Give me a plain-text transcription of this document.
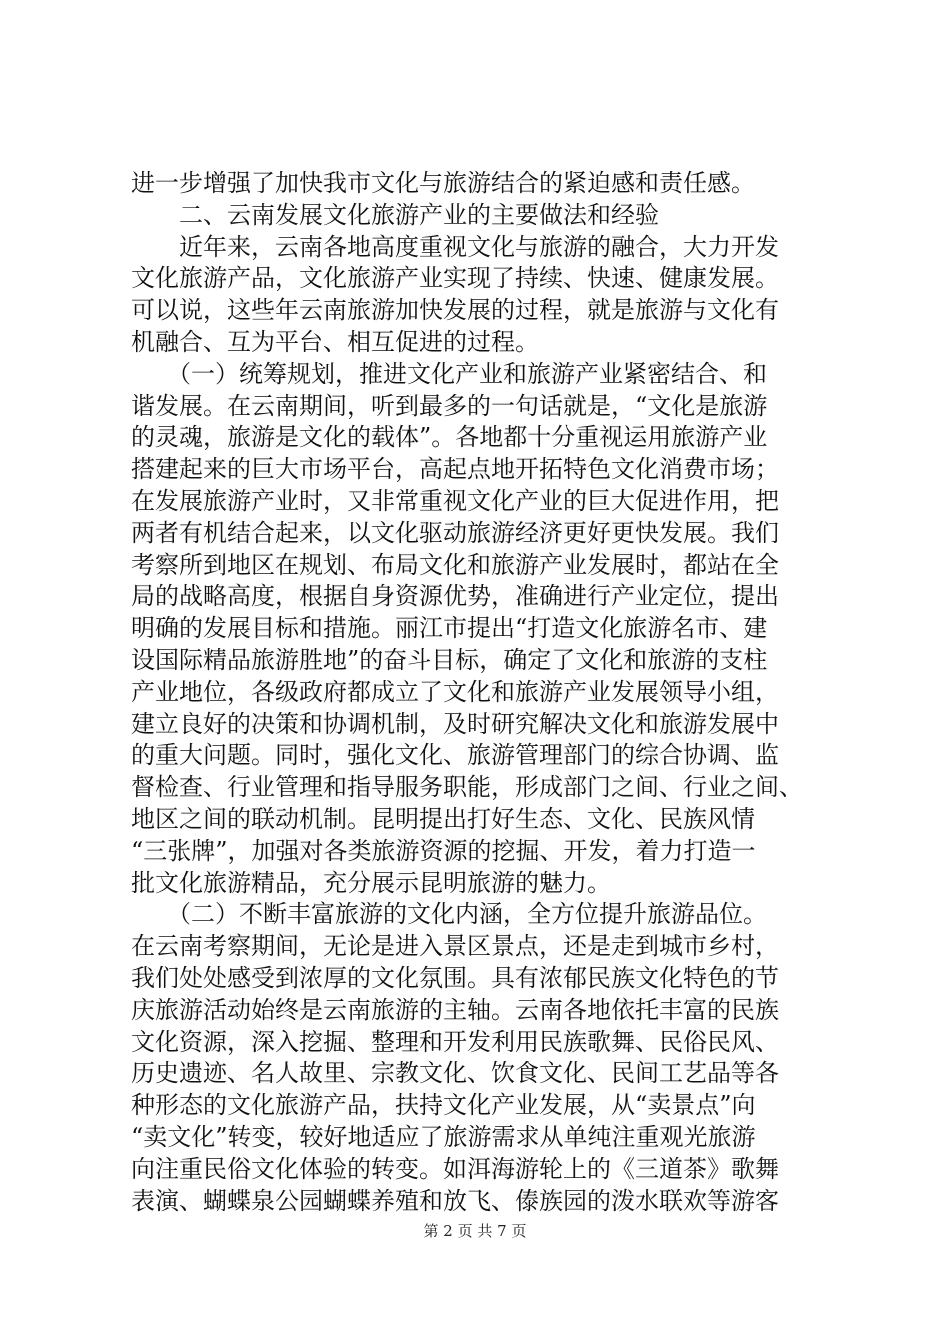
进一步增强了加快我市文化与旅游结合的紧迫感和责任感。
　　二、云南发展文化旅游产业的主要做法和经验
　　近年来，云南各地高度重视文化与旅游的融合，大力开发
文化旅游产品，文化旅游产业实现了持续、快速、健康发展。
可以说，这些年云南旅游加快发展的过程，就是旅游与文化有
机融合、互为平台、相互促进的过程。
　　（一）统筹规划，推进文化产业和旅游产业紧密结合、和
谐发展。在云南期间，听到最多的一句话就是，“文化是旅游
的灵魂，旅游是文化的载体”。各地都十分重视运用旅游产业
搭建起来的巨大市场平台，高起点地开拓特色文化消费市场；
在发展旅游产业时，又非常重视文化产业的巨大促进作用，把
两者有机结合起来，以文化驱动旅游经济更好更快发展。我们
考察所到地区在规划、布局文化和旅游产业发展时，都站在全
局的战略高度，根据自身资源优势，准确进行产业定位，提出
明确的发展目标和措施。丽江市提出“打造文化旅游名市、建
设国际精品旅游胜地”的奋斗目标，确定了文化和旅游的支柱
产业地位，各级政府都成立了文化和旅游产业发展领导小组，
建立良好的决策和协调机制，及时研究解决文化和旅游发展中
的重大问题。同时，强化文化、旅游管理部门的综合协调、监
督检查、行业管理和指导服务职能，形成部门之间、行业之间、
地区之间的联动机制。昆明提出打好生态、文化、民族风情
“三张牌”，加强对各类旅游资源的挖掘、开发，着力打造一
批文化旅游精品，充分展示昆明旅游的魅力。
　　（二）不断丰富旅游的文化内涵，全方位提升旅游品位。
在云南考察期间，无论是进入景区景点，还是走到城市乡村，
我们处处感受到浓厚的文化氛围。具有浓郁民族文化特色的节
庆旅游活动始终是云南旅游的主轴。云南各地依托丰富的民族
文化资源，深入挖掘、整理和开发利用民族歌舞、民俗民风、
历史遗迹、名人故里、宗教文化、饮食文化、民间工艺品等各
种形态的文化旅游产品，扶持文化产业发展，从“卖景点”向
“卖文化”转变，较好地适应了旅游需求从单纯注重观光旅游
向注重民俗文化体验的转变。如洱海游轮上的《三道茶》歌舞
表演、蝴蝶泉公园蝴蝶养殖和放飞、傣族园的泼水联欢等游客
第 2 页 共 7 页
